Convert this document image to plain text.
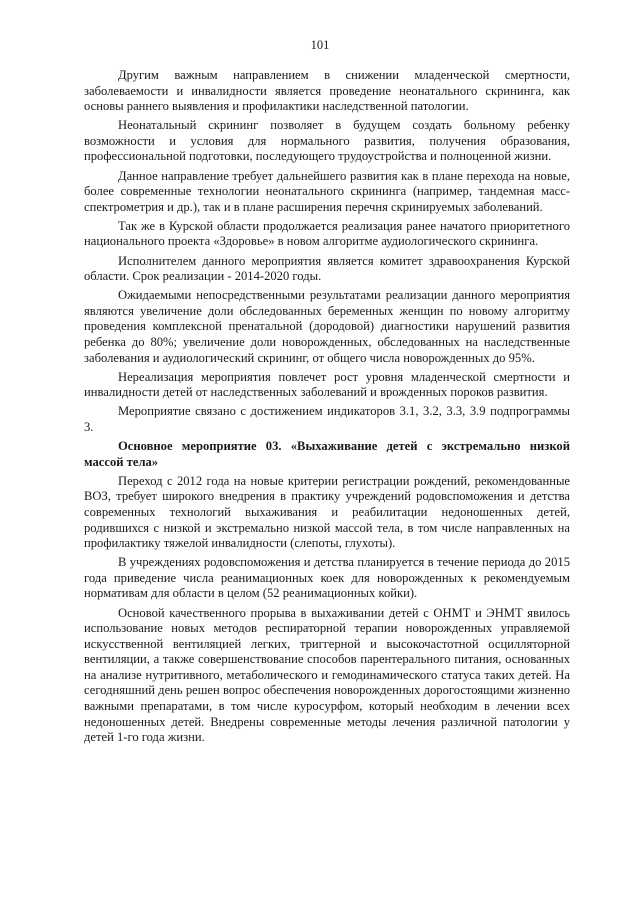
101

Другим важным направлением в снижении младенческой смертности, заболеваемости и инвалидности является проведение неонатального скрининга, как основы раннего выявления и профилактики наследственной патологии.

Неонатальный скрининг позволяет в будущем создать больному ребенку возможности и условия для нормального развития, получения образования, профессиональной подготовки, последующего трудоустройства и полноценной жизни.

Данное направление требует дальнейшего развития как в плане перехода на новые, более современные технологии неонатального скрининга (например, тандемная масс-спектрометрия и др.), так и в плане расширения перечня скринируемых заболеваний.

Так же в Курской области продолжается реализация ранее начатого приоритетного национального проекта «Здоровье» в новом алгоритме аудиологического скрининга.

Исполнителем данного мероприятия является комитет здравоохранения Курской области. Срок реализации - 2014-2020 годы.

Ожидаемыми непосредственными результатами реализации данного мероприятия являются увеличение доли обследованных беременных женщин по новому алгоритму проведения комплексной пренатальной (дородовой) диагностики нарушений развития ребенка до 80%; увеличение доли новорожденных, обследованных на наследственные заболевания и аудиологический скрининг, от общего числа новорожденных до 95%.

Нереализация мероприятия повлечет рост уровня младенческой смертности и инвалидности детей от наследственных заболеваний и врожденных пороков развития.

Мероприятие связано с достижением индикаторов 3.1, 3.2, 3.3, 3.9 подпрограммы 3.

Основное мероприятие 03. «Выхаживание детей с экстремально низкой массой тела»

Переход с 2012 года на новые критерии регистрации рождений, рекомендованные ВОЗ, требует широкого внедрения в практику учреждений родовспоможения и детства современных технологий выхаживания и реабилитации недоношенных детей, родившихся с низкой и экстремально низкой массой тела, в том числе направленных на профилактику тяжелой инвалидности (слепоты, глухоты).

В учреждениях родовспоможения и детства планируется в течение периода до 2015 года приведение числа реанимационных коек для новорожденных к рекомендуемым нормативам для области в целом (52 реанимационных койки).

Основой качественного прорыва в выхаживании детей с ОНМТ и ЭНМТ явилось использование новых методов респираторной терапии новорожденных управляемой искусственной вентиляцией легких, триггерной и высокочастотной осцилляторной вентиляции, а также совершенствование способов парентерального питания, основанных на анализе нутритивного, метаболического и гемодинамического статуса таких детей. На сегодняшний день решен вопрос обеспечения новорожденных дорогостоящими жизненно важными препаратами, в том числе куросурфом, который необходим в лечении всех недоношенных детей. Внедрены современные методы лечения различной патологии у детей 1-го года жизни.
